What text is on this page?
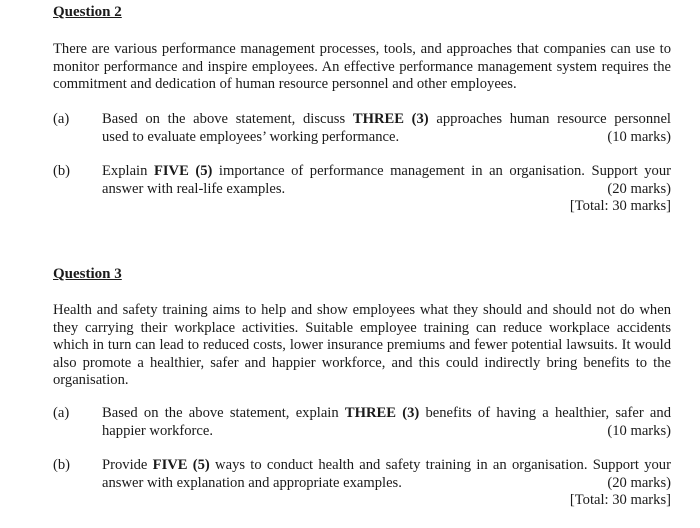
Question 2

There are various performance management processes, tools, and approaches that companies can use to monitor performance and inspire employees. An effective performance management system requires the commitment and dedication of human resource personnel and other employees.

(a) Based on the above statement, discuss THREE (3) approaches human resource personnel
used to evaluate employees’ working performance.	(10 marks)
(b) Explain FIVE (5) importance of performance management in an organisation. Support your
answer with real-life examples.	(20 marks)
[Total: 30 marks]
Question 3

Health and safety training aims to help and show employees what they should and should not do when they carrying their workplace activities. Suitable employee training can reduce workplace accidents which in turn can lead to reduced costs, lower insurance premiums and fewer potential lawsuits. It would also promote a healthier, safer and happier workforce, and this could indirectly bring benefits to the organisation.

(a) Based on the above statement, explain THREE (3) benefits of having a healthier, safer and
happier workforce.	(10 marks)
(b) Provide FIVE (5) ways to conduct health and safety training in an organisation. Support your
answer with explanation and appropriate examples.	(20 marks)
[Total: 30 marks]
